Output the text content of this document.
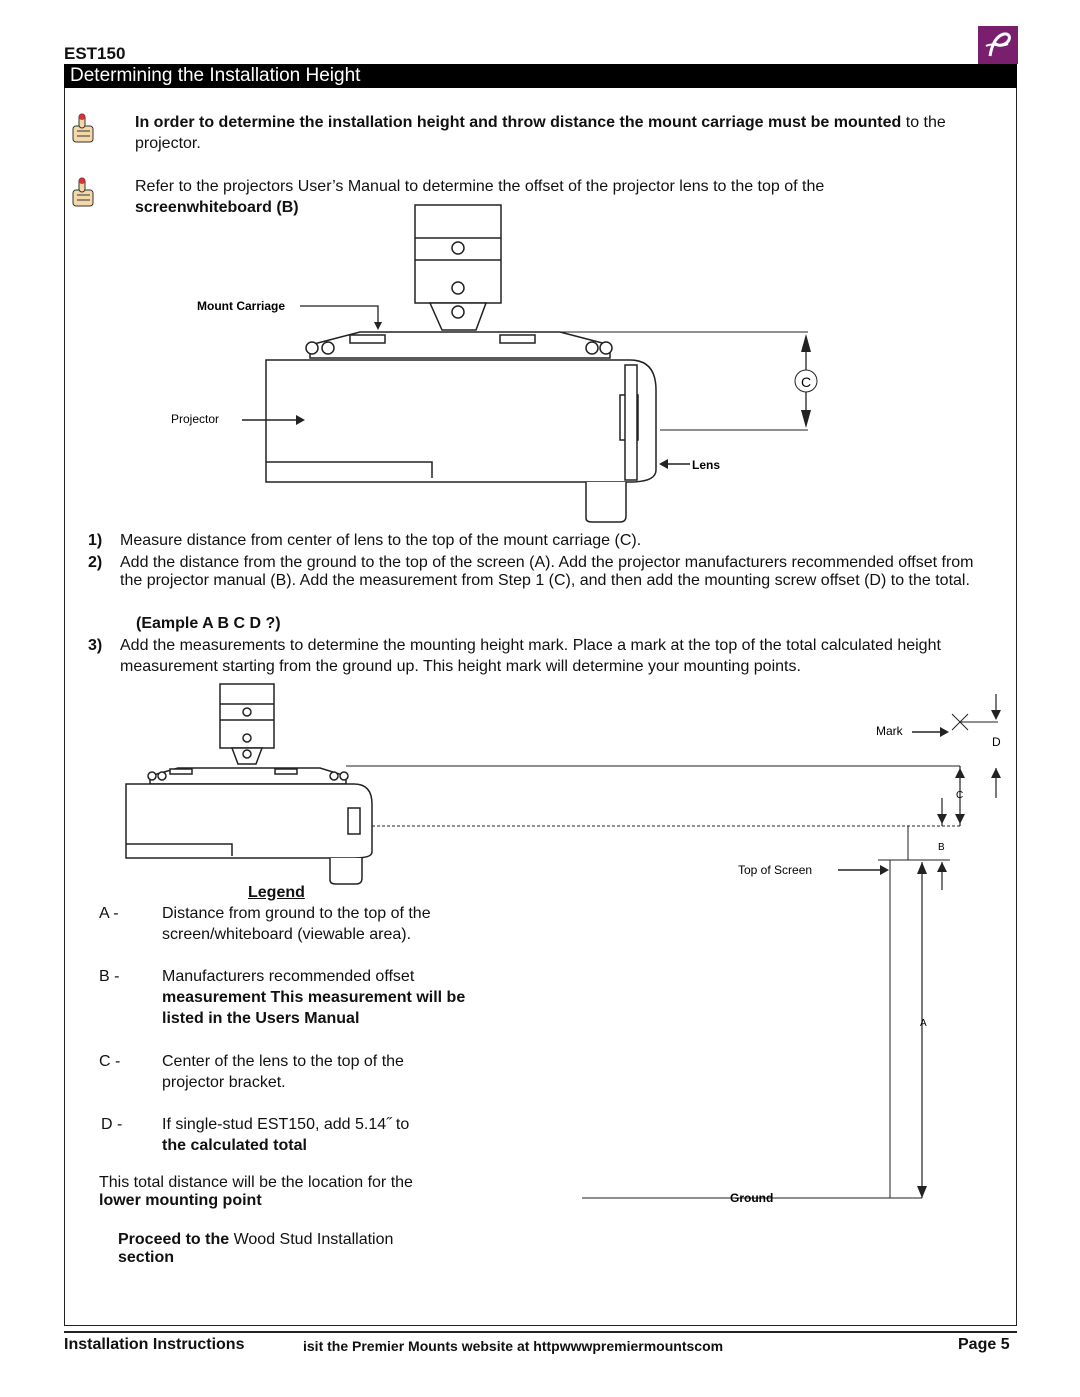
EST150
Determining the Installation Height
In order to determine the installation height and throw distance the mount carriage must be mounted to the projector.
Refer to the projectors User’s Manual to determine the offset of the projector lens to the top of the
screenwhiteboard (B)
Mount Carriage
Projector
Lens
C
1) Measure distance from center of lens to the top of the mount carriage (C).
2) Add the distance from the ground to the top of the screen (A). Add the projector manufacturers recommended offset from the projector manual (B). Add the measurement from Step 1 (C), and then add the mounting screw offset (D) to the total.
(Eample A B C D ?)
3) Add the measurements to determine the mounting height mark. Place a mark at the top of the total calculated height measurement starting from the ground up. This height mark will determine your mounting points.
Mark
D
C
B
Top of Screen
A
Ground
Legend
A -	Distance from ground to the top of the screen/whiteboard (viewable area).
B -	Manufacturers recommended offset
measurement This measurement will be listed in the Users Manual
C -	Center of the lens to the top of the projector bracket.
D - If single-stud EST150, add 5.14˝ to
the calculated total
This total distance will be the location for the
lower mounting point
Proceed to the Wood Stud Installation
section
Installation Instructions	isit the Premier Mounts website at httpwwwpremiermountscom	Page 5
